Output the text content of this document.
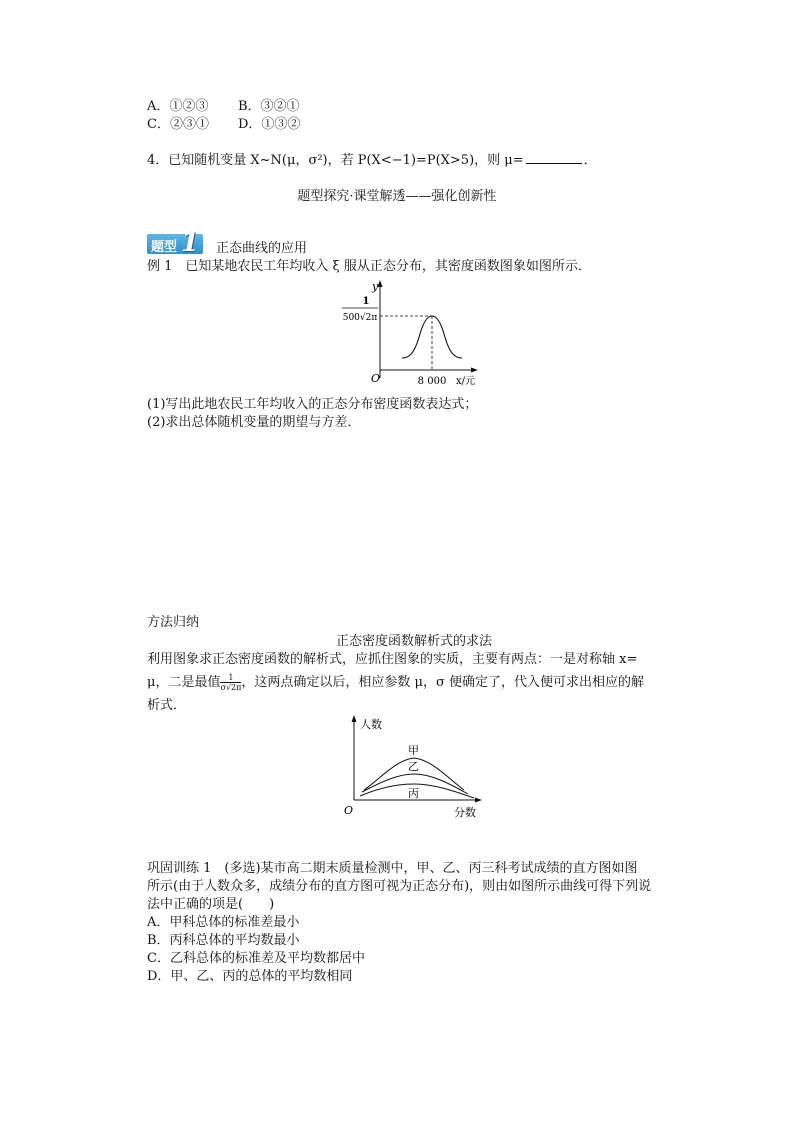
A．①②③ B．③②①
C．②③① D．①③②
4．已知随机变量 X~N(μ，σ²)，若 P(X<−1)=P(X>5)，则 μ=	．
题型探究·课堂解透——强化创新性
题型 1 正态曲线的应用
例 1　已知某地农民工年均收入 ξ 服从正态分布，其密度函数图象如图所示．
y
1
500√2π
O	8 000 x/元
(1)写出此地农民工年均收入的正态分布密度函数表达式；
(2)求出总体随机变量的期望与方差．
方法归纳
正态密度函数解析式的求法
利用图象求正态密度函数的解析式，应抓住图象的实质，主要有两点：一是对称轴 x=
μ，二是最值 $\frac{1}{\sigma√2\pi}$ ，这两点确定以后，相应参数 μ，σ 便确定了，代入便可求出相应的解
析式．
人数
O	分数
甲
乙
丙
巩固训练 1　(多选)某市高二期末质量检测中，甲、乙、丙三科考试成绩的直方图如图
所示(由于人数众多，成绩分布的直方图可视为正态分布)，则由如图所示曲线可得下列说
法中正确的项是(　　)
A．甲科总体的标准差最小
B．丙科总体的平均数最小
C．乙科总体的标准差及平均数都居中
D．甲、乙、丙的总体的平均数相同
